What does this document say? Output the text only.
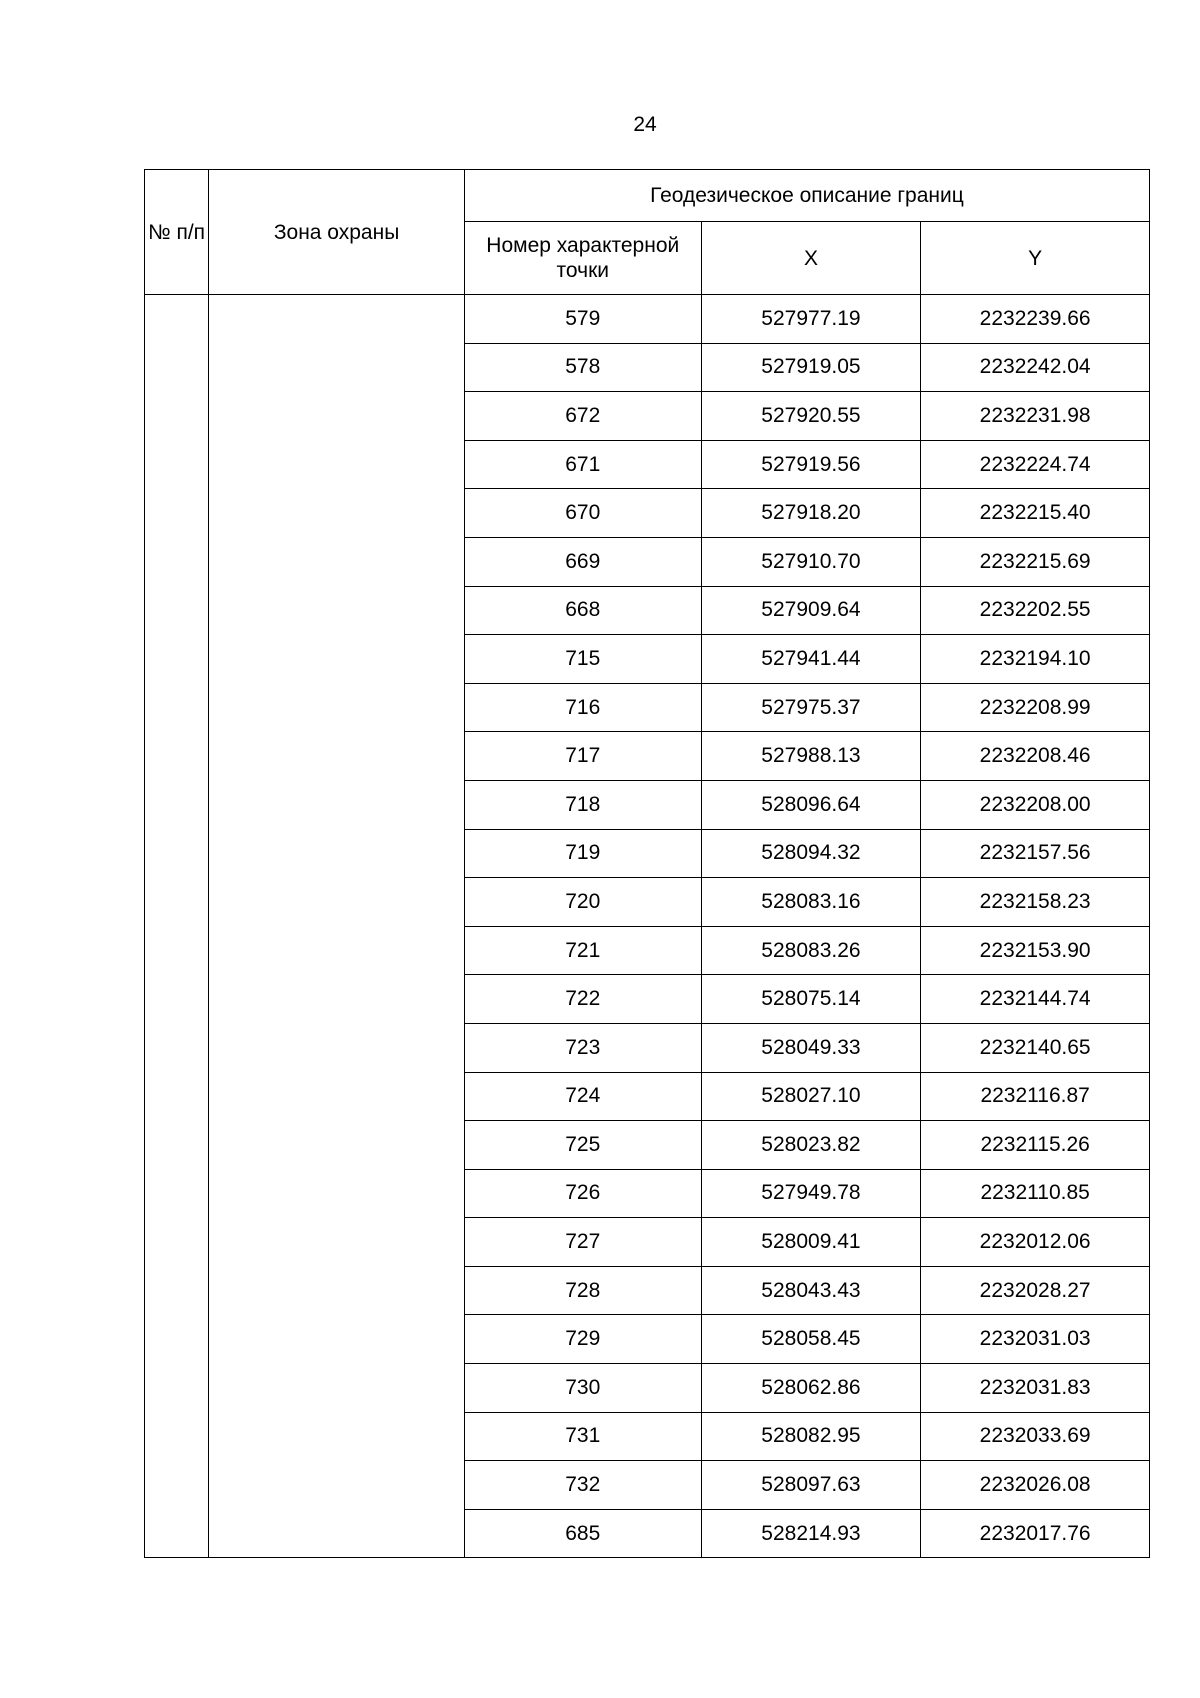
24
№ п/п	Зона охраны	Геодезическое описание границ		
		Номер характерной точки	X	Y
		579	527977.19	2232239.66
		578	527919.05	2232242.04
		672	527920.55	2232231.98
		671	527919.56	2232224.74
		670	527918.20	2232215.40
		669	527910.70	2232215.69
		668	527909.64	2232202.55
		715	527941.44	2232194.10
		716	527975.37	2232208.99
		717	527988.13	2232208.46
		718	528096.64	2232208.00
		719	528094.32	2232157.56
		720	528083.16	2232158.23
		721	528083.26	2232153.90
		722	528075.14	2232144.74
		723	528049.33	2232140.65
		724	528027.10	2232116.87
		725	528023.82	2232115.26
		726	527949.78	2232110.85
		727	528009.41	2232012.06
		728	528043.43	2232028.27
		729	528058.45	2232031.03
		730	528062.86	2232031.83
		731	528082.95	2232033.69
		732	528097.63	2232026.08
		685	528214.93	2232017.76
